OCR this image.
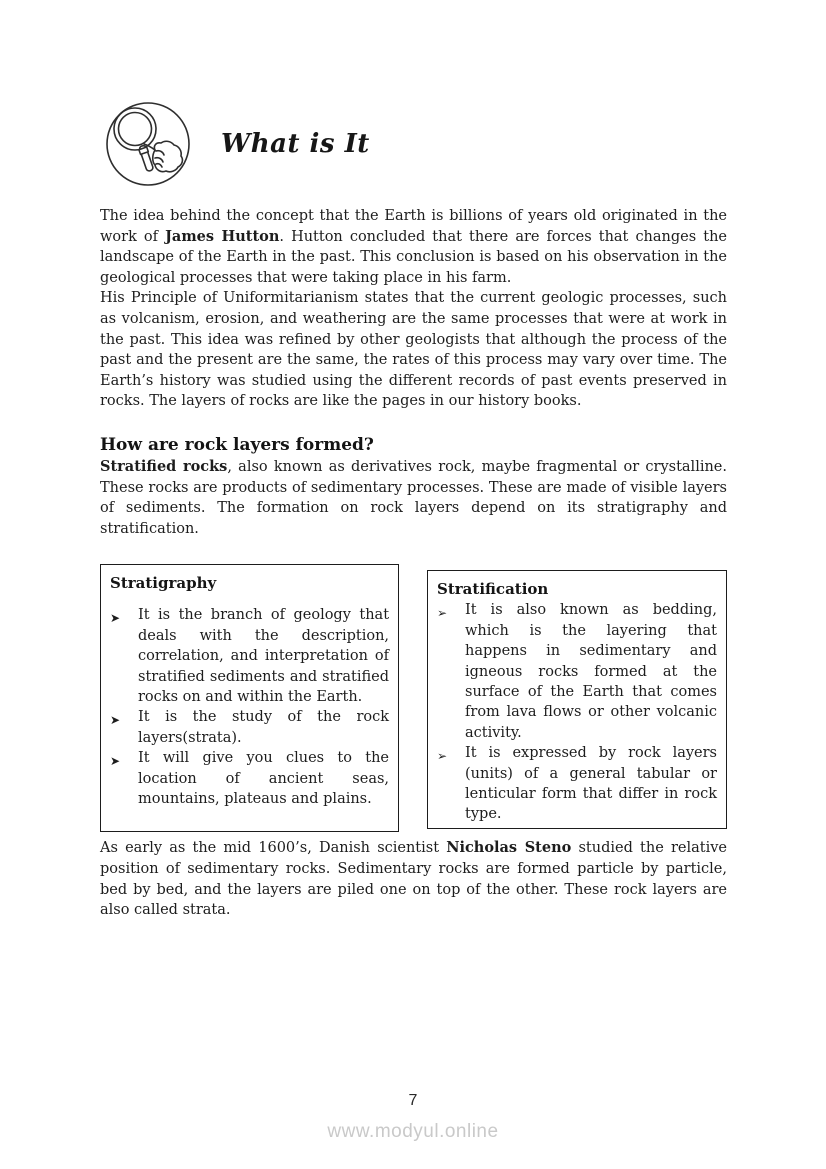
What is It

The idea behind the concept that the Earth is billions of years old originated in the work of James Hutton. Hutton concluded that there are forces that changes the landscape of the Earth in the past. This conclusion is based on his observation in the geological processes that were taking place in his farm.

His Principle of Uniformitarianism states that the current geologic processes, such as volcanism, erosion, and weathering are the same processes that were at work in the past. This idea was refined by other geologists that although the process of the past and the present are the same, the rates of this process may vary over time. The Earth’s history was studied using the different records of past events preserved in rocks. The layers of rocks are like the pages in our history books.

How are rock layers formed?

Stratified rocks, also known as derivatives rock, maybe fragmental or crystalline. These rocks are products of sedimentary processes. These are made of visible layers of sediments. The formation on rock layers depend on its stratigraphy and stratification.

Stratigraphy
➤	It is the branch of geology that deals with the description, correlation, and interpretation of stratified sediments and stratified rocks on and within the Earth.
➤	It is the study of the rock layers(strata).
➤	It will give you clues to the location of ancient seas, mountains, plateaus and plains.
Stratification
➢	It is also known as bedding, which is the layering that happens in sedimentary and igneous rocks formed at the surface of the Earth that comes from lava flows or other volcanic activity.
➢	It is expressed by rock layers (units) of a general tabular or lenticular form that differ in rock type.

As early as the mid 1600’s, Danish scientist Nicholas Steno studied the relative position of sedimentary rocks. Sedimentary rocks are formed particle by particle, bed by bed, and the layers are piled one on top of the other. These rock layers are also called strata.

7
www.modyul.online
